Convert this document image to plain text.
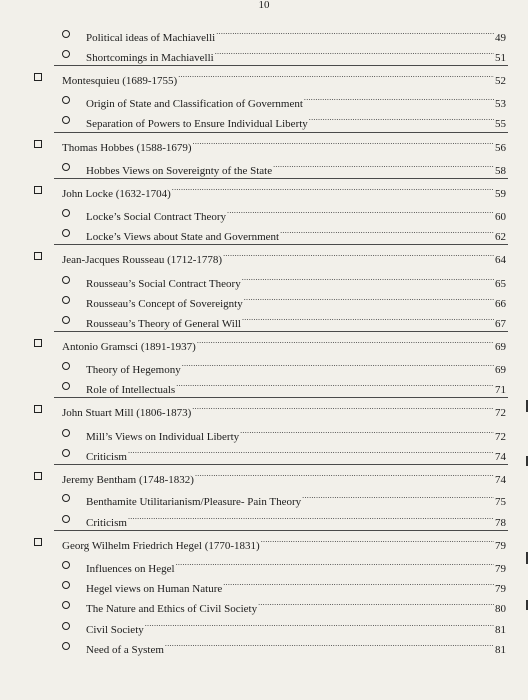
10
Political ideas of Machiavelli .....	49
Shortcomings in Machiavelli .....	51
Montesquieu (1689-1755) .....	52
Origin of State and Classification of Government .....	53
Separation of Powers to Ensure Individual Liberty .....	55
Thomas Hobbes (1588-1679) .....	56
Hobbes Views on Sovereignty of the State .....	58
John Locke (1632-1704) .....	59
Locke’s Social Contract Theory .....	60
Locke’s Views about State and Government .....	62
Jean-Jacques Rousseau (1712-1778) .....	64
Rousseau’s Social Contract Theory .....	65
Rousseau’s Concept of Sovereignty .....	66
Rousseau’s Theory of General Will .....	67
Antonio Gramsci (1891-1937) .....	69
Theory of Hegemony .....	69
Role of Intellectuals .....	71
John Stuart Mill (1806-1873) .....	72
Mill’s Views on Individual Liberty .....	72
Criticism .....	74
Jeremy Bentham (1748-1832) .....	74
Benthamite Utilitarianism/Pleasure- Pain Theory .....	75
Criticism .....	78
Georg Wilhelm Friedrich Hegel (1770-1831) .....	79
Influences on Hegel .....	79
Hegel views on Human Nature .....	79
The Nature and Ethics of Civil Society .....	80
Civil Society .....	81
Need of a System .....	81
